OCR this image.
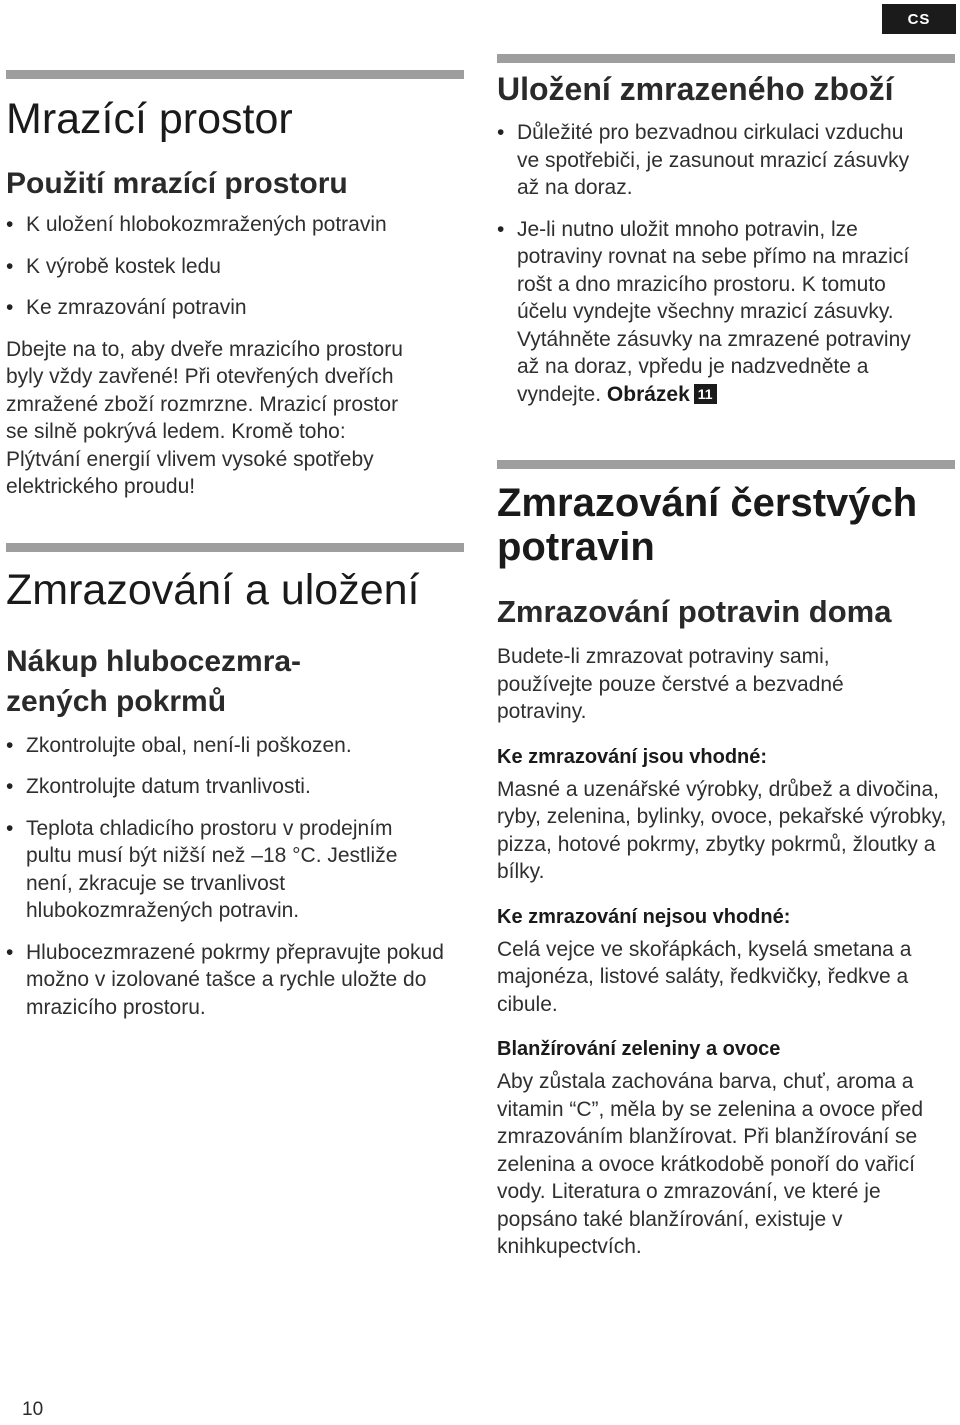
CS
Mrazící prostor
Použití mrazící prostoru
• K uložení hlobokozmražených potravin
• K výrobě kostek ledu
• Ke zmrazování potravin

Dbejte na to, aby dveře mrazicího prostoru byly vždy zavřené! Při otevřených dveřích zmražené zboží rozmrzne. Mrazicí prostor se silně pokrývá ledem. Kromě toho: Plýtvání energií vlivem vysoké spotřeby elektrického proudu!

Zmrazování a uložení
Nákup hlubocezmra-
zených pokrmů
• Zkontrolujte obal, není-li poškozen.
• Zkontrolujte datum trvanlivosti.
• Teplota chladicího prostoru v prodejním pultu musí být nižší než –18 °C. Jestliže není, zkracuje se trvanlivost hlubokozmražených potravin.
• Hlubocezmrazené pokrmy přepravujte pokud možno v izolované tašce a rychle uložte do mrazicího prostoru.
Uložení zmrazeného zboží
• Důležité pro bezvadnou cirkulaci vzduchu ve spotřebiči, je zasunout mrazicí zásuvky až na doraz.
• Je-li nutno uložit mnoho potravin, lze potraviny rovnat na sebe přímo na mrazicí rošt a dno mrazicího prostoru. K tomuto účelu vyndejte všechny mrazicí zásuvky. Vytáhněte zásuvky na zmrazené potraviny až na doraz, vpředu je nadzvedněte a vyndejte. Obrázek 11
Zmrazování čerstvých potravin
Zmrazování potravin doma

Budete-li zmrazovat potraviny sami, používejte pouze čerstvé a bezvadné potraviny.

Ke zmrazování jsou vhodné:

Masné a uzenářské výrobky, drůbež a divočina, ryby, zelenina, bylinky, ovoce, pekařské výrobky, pizza, hotové pokrmy, zbytky pokrmů, žloutky a bílky.

Ke zmrazování nejsou vhodné:

Celá vejce ve skořápkách, kyselá smetana a majonéza, listové saláty, ředkvičky, ředkve a cibule.

Blanžírování zeleniny a ovoce

Aby zůstala zachována barva, chuť, aroma a vitamin “C”, měla by se zelenina a ovoce před zmrazováním blanžírovat. Při blanžírování se zelenina a ovoce krátkodobě ponoří do vařicí vody. Literatura o zmrazování, ve které je popsáno také blanžírování, existuje v knihkupectvích.

10
